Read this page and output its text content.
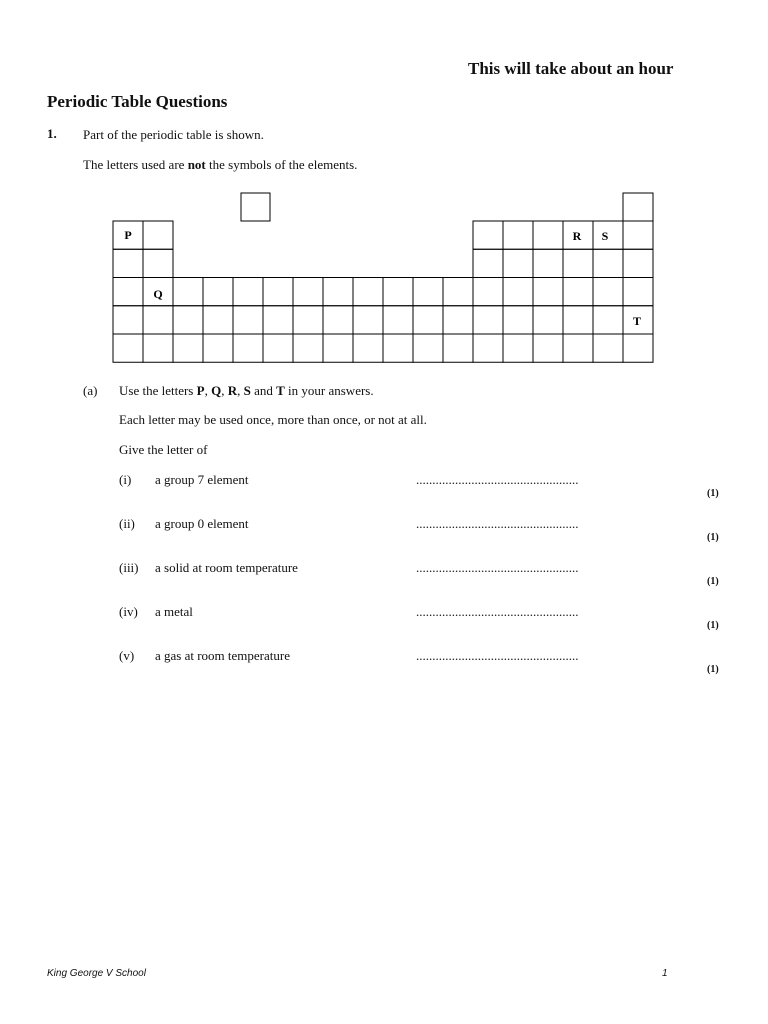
This will take about an hour
Periodic Table Questions
1. Part of the periodic table is shown.
The letters used are not the symbols of the elements.
P
Q
R S
T
(a) Use the letters P, Q, R, S and T in your answers.
Each letter may be used once, more than once, or not at all.
Give the letter of
(i) a group 7 element	..................................................
(1)
(ii) a group 0 element	..................................................
(1)
(iii) a solid at room temperature	..................................................
(1)
(iv) a metal	..................................................
(1)
(v) a gas at room temperature	..................................................
(1)
King George V School	1
